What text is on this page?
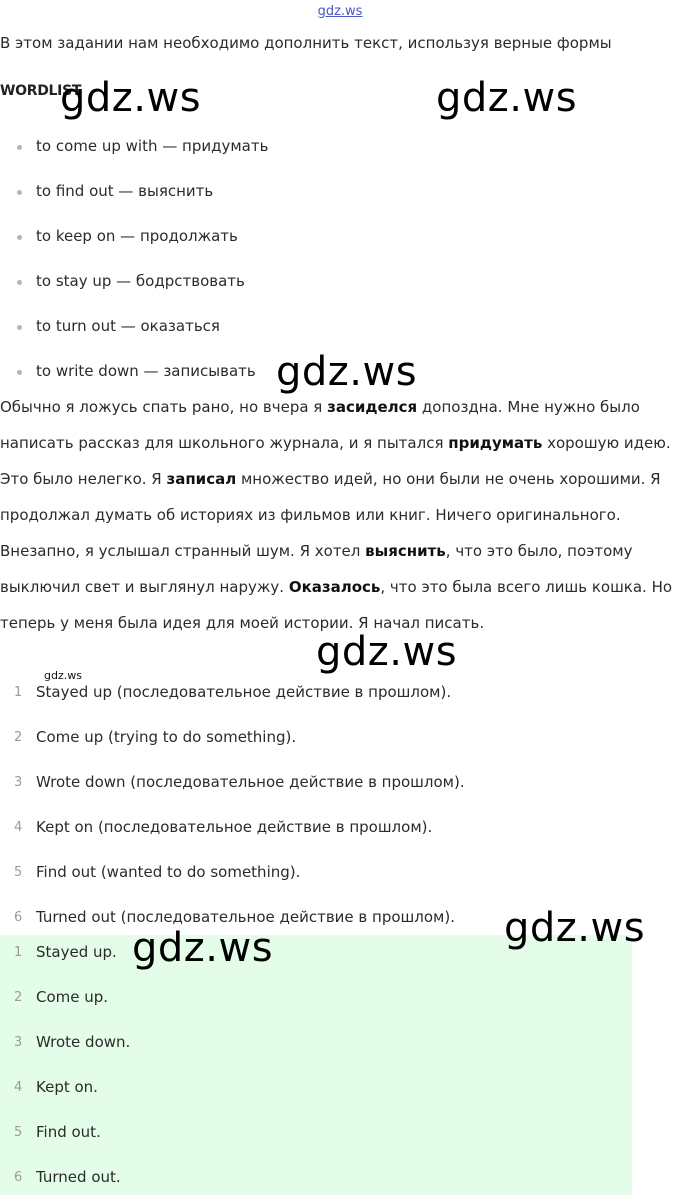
gdz.ws
В этом задании нам необходимо дополнить текст, используя верные формы
WORDLIST
to come up with — придумать
to find out — выяснить
to keep on — продолжать
to stay up — бодрствовать
to turn out — оказаться
to write down — записывать

Обычно я ложусь спать рано, но вчера я засиделся допоздна. Мне нужно было написать рассказ для школьного журнала, и я пытался придумать хорошую идею. Это было нелегко. Я записал множество идей, но они были не очень хорошими. Я продолжал думать об историях из фильмов или книг. Ничего оригинального. Внезапно, я услышал странный шум. Я хотел выяснить, что это было, поэтому выключил свет и выглянул наружу. Оказалось, что это была всего лишь кошка. Но теперь у меня была идея для моей истории. Я начал писать.

gdz.ws
1 Stayed up (последовательное действие в прошлом).
2 Come up (trying to do something).
3 Wrote down (последовательное действие в прошлом).
4 Kept on (последовательное действие в прошлом).
5 Find out (wanted to do something).
6 Turned out (последовательное действие в прошлом).
1 Stayed up.
2 Come up.
3 Wrote down.
4 Kept on.
5 Find out.
6 Turned out.
gdz.ws	gdz.ws
gdz.ws
gdz.ws
gdz.ws
gdz.ws
